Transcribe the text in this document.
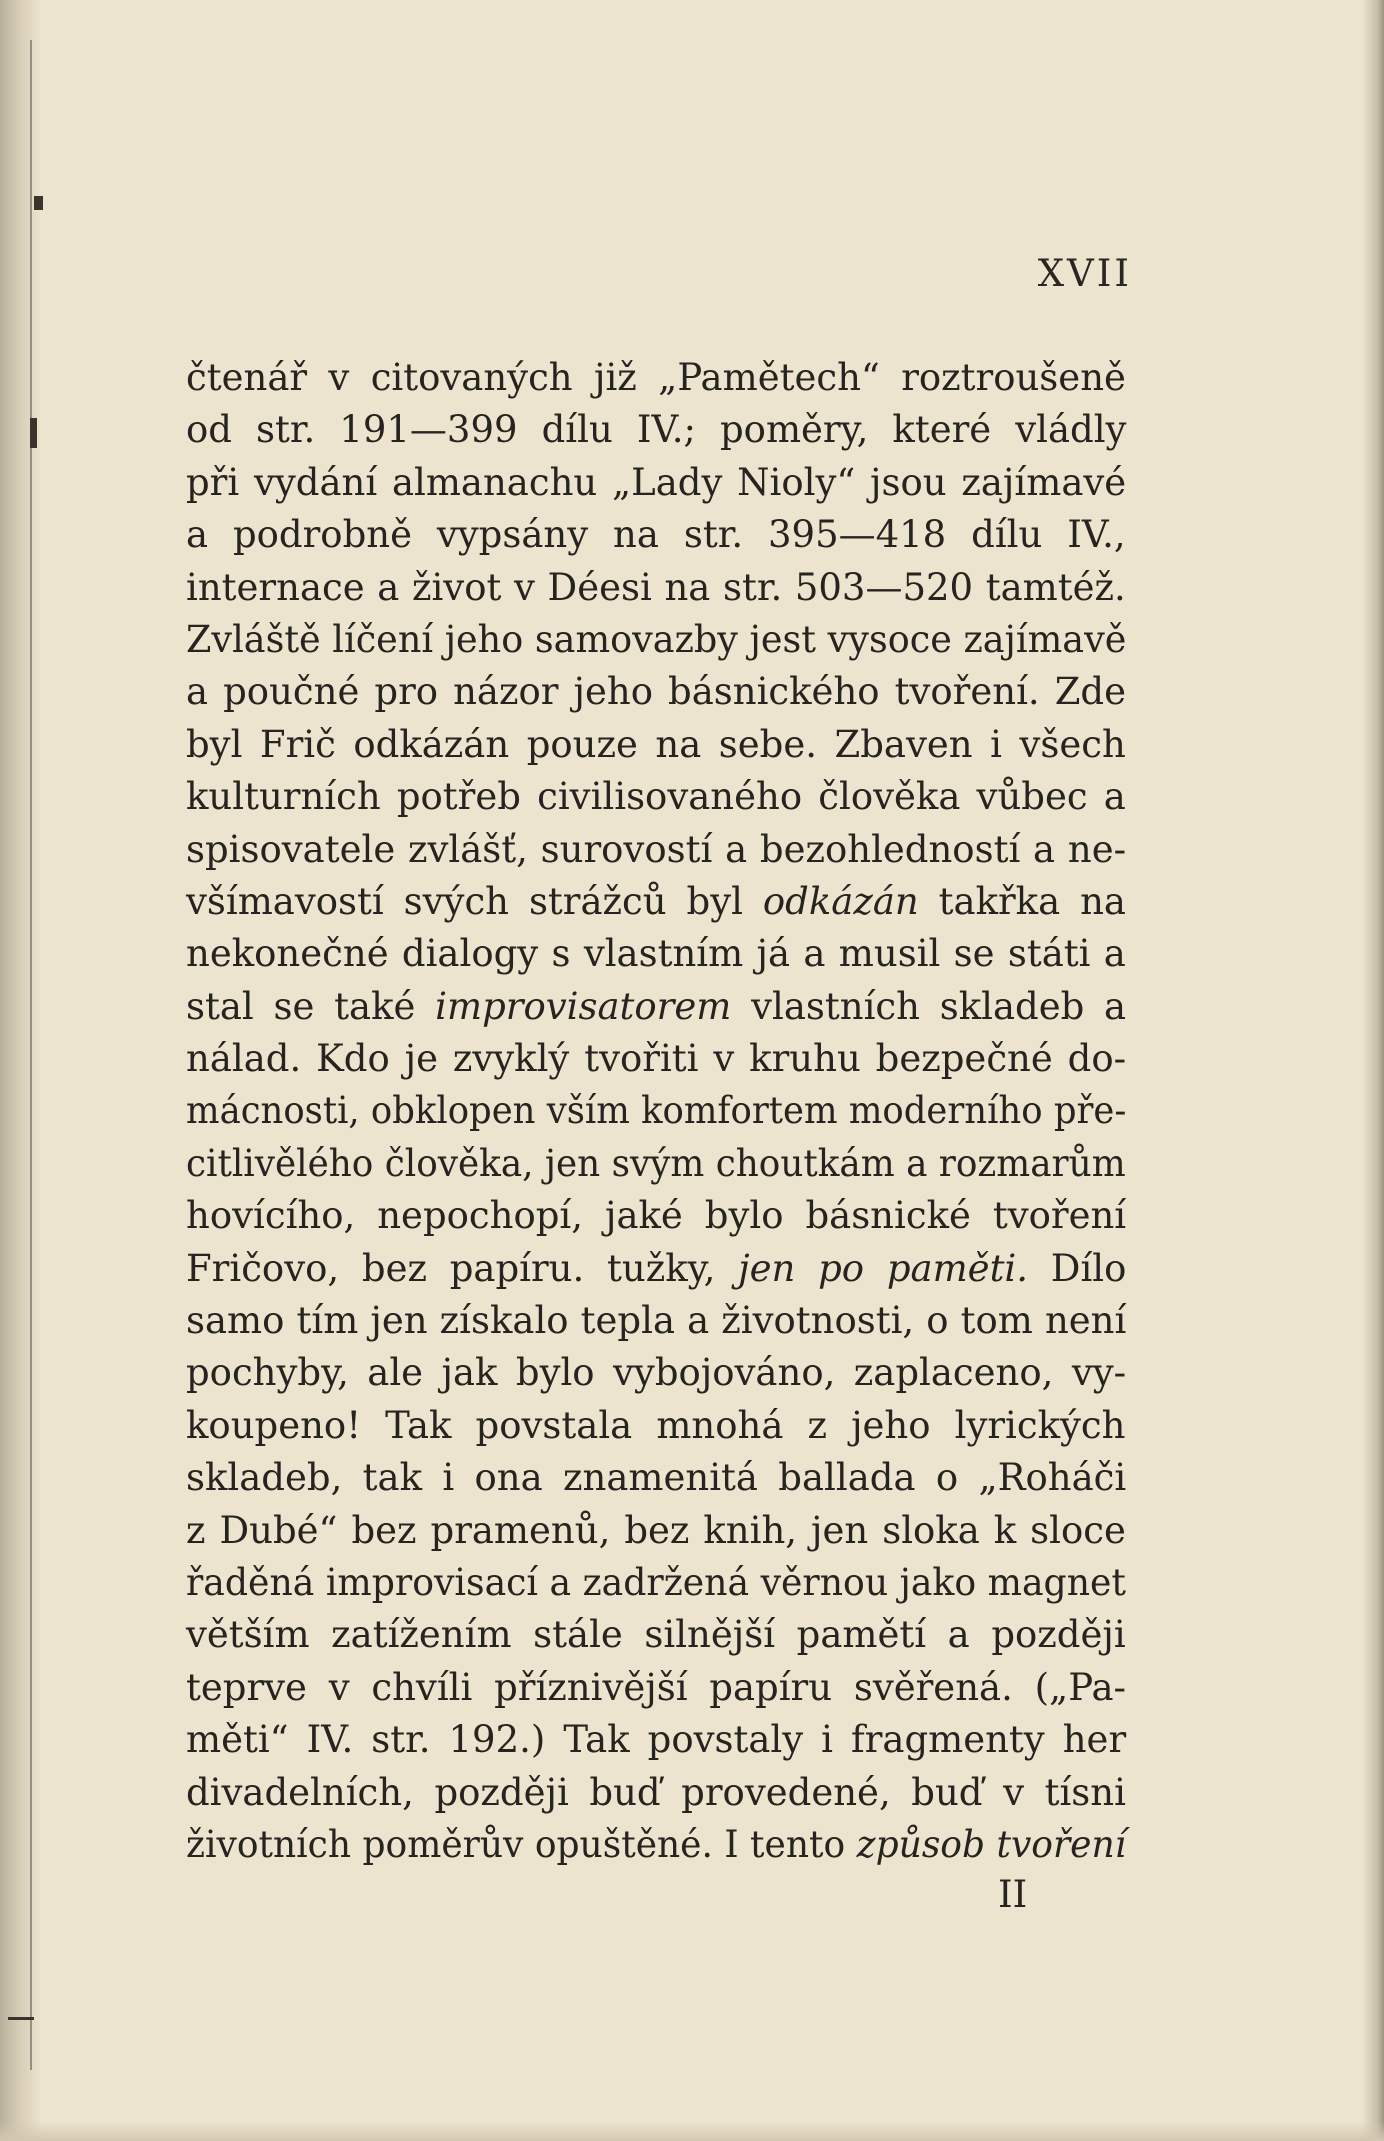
XVII
čtenář v citovaných již „Pamětech“ roztroušeně
od str. 191—399 dílu IV.; poměry, které vládly
při vydání almanachu „Lady Nioly“ jsou zajímavé
a podrobně vypsány na str. 395—418 dílu IV.,
internace a život v Déesi na str. 503—520 tamtéž.
Zvláště líčení jeho samovazby jest vysoce zajímavě
a poučné pro názor jeho básnického tvoření. Zde
byl Frič odkázán pouze na sebe. Zbaven i všech
kulturních potřeb civilisovaného člověka vůbec a
spisovatele zvlášť, surovostí a bezohledností a ne-
všímavostí svých strážců byl odkázán takřka na
nekonečné dialogy s vlastním já a musil se státi a
stal se také improvisatorem vlastních skladeb a
nálad. Kdo je zvyklý tvořiti v kruhu bezpečné do-
mácnosti, obklopen vším komfortem moderního pře-
citlivělého člověka, jen svým choutkám a rozmarům
hovícího, nepochopí, jaké bylo básnické tvoření
Fričovo, bez papíru. tužky, jen po paměti. Dílo
samo tím jen získalo tepla a životnosti, o tom není
pochyby, ale jak bylo vybojováno, zaplaceno, vy-
koupeno! Tak povstala mnohá z jeho lyrických
skladeb, tak i ona znamenitá ballada o „Roháči
z Dubé“ bez pramenů, bez knih, jen sloka k sloce
řaděná improvisací a zadržená věrnou jako magnet
větším zatížením stále silnější pamětí a později
teprve v chvíli příznivější papíru svěřená. („Pa-
měti“ IV. str. 192.) Tak povstaly i fragmenty her
divadelních, později buď provedené, buď v tísni
životních poměrův opuštěné. I tento způsob tvoření
II
